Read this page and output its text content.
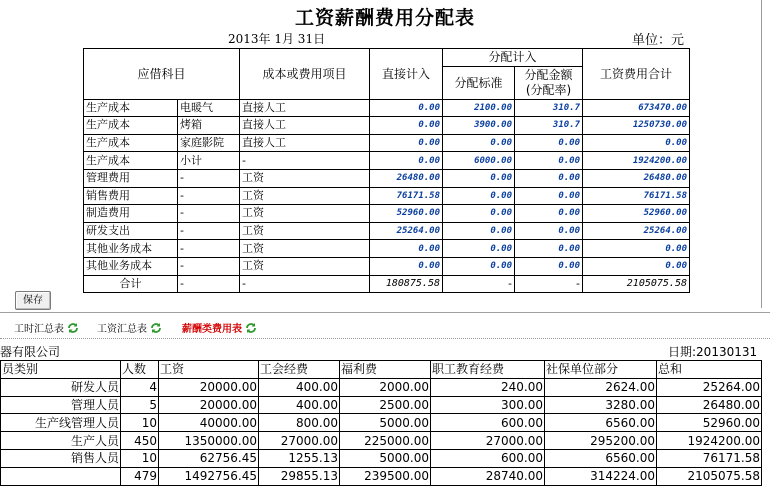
工资薪酬费用分配表
2013年 1月 31日	单位：元
应借科目		成本或费用项目	直接计入	分配计入		工资费用合计
				分配标准	分配金额
(分配率)	

生产成本	电暖气	直接人工	0.00	2100.00	310.7	673470.00
生产成本	烤箱	直接人工	0.00	3900.00	310.7	1250730.00
生产成本	家庭影院	直接人工	0.00	0.00	0.00	0.00
生产成本	小计	-	0.00	6000.00	0.00	1924200.00
管理费用	-	工资	26480.00	0.00	0.00	26480.00
销售费用	-	工资	76171.58	0.00	0.00	76171.58
制造费用	-	工资	52960.00	0.00	0.00	52960.00
研发支出	-	工资	25264.00	0.00	0.00	25264.00
其他业务成本	-	工资	0.00	0.00	0.00	0.00
其他业务成本	-	工资	0.00	0.00	0.00	0.00
合计	-	-	180875.58	-	-	2105075.58
保存
工时汇总表	工资汇总表	薪酬类费用表
器有限公司	日期:20130131
员类别	人数	工资	工会经费	福利费	职工教育经费	社保单位部分	总和
研发人员	4	20000.00	400.00	2000.00	240.00	2624.00	25264.00
管理人员	5	20000.00	400.00	2500.00	300.00	3280.00	26480.00
生产线管理人员	10	40000.00	800.00	5000.00	600.00	6560.00	52960.00
生产人员	450	1350000.00	27000.00	225000.00	27000.00	295200.00	1924200.00
销售人员	10	62756.45	1255.13	5000.00	600.00	6560.00	76171.58
	479	1492756.45	29855.13	239500.00	28740.00	314224.00	2105075.58
